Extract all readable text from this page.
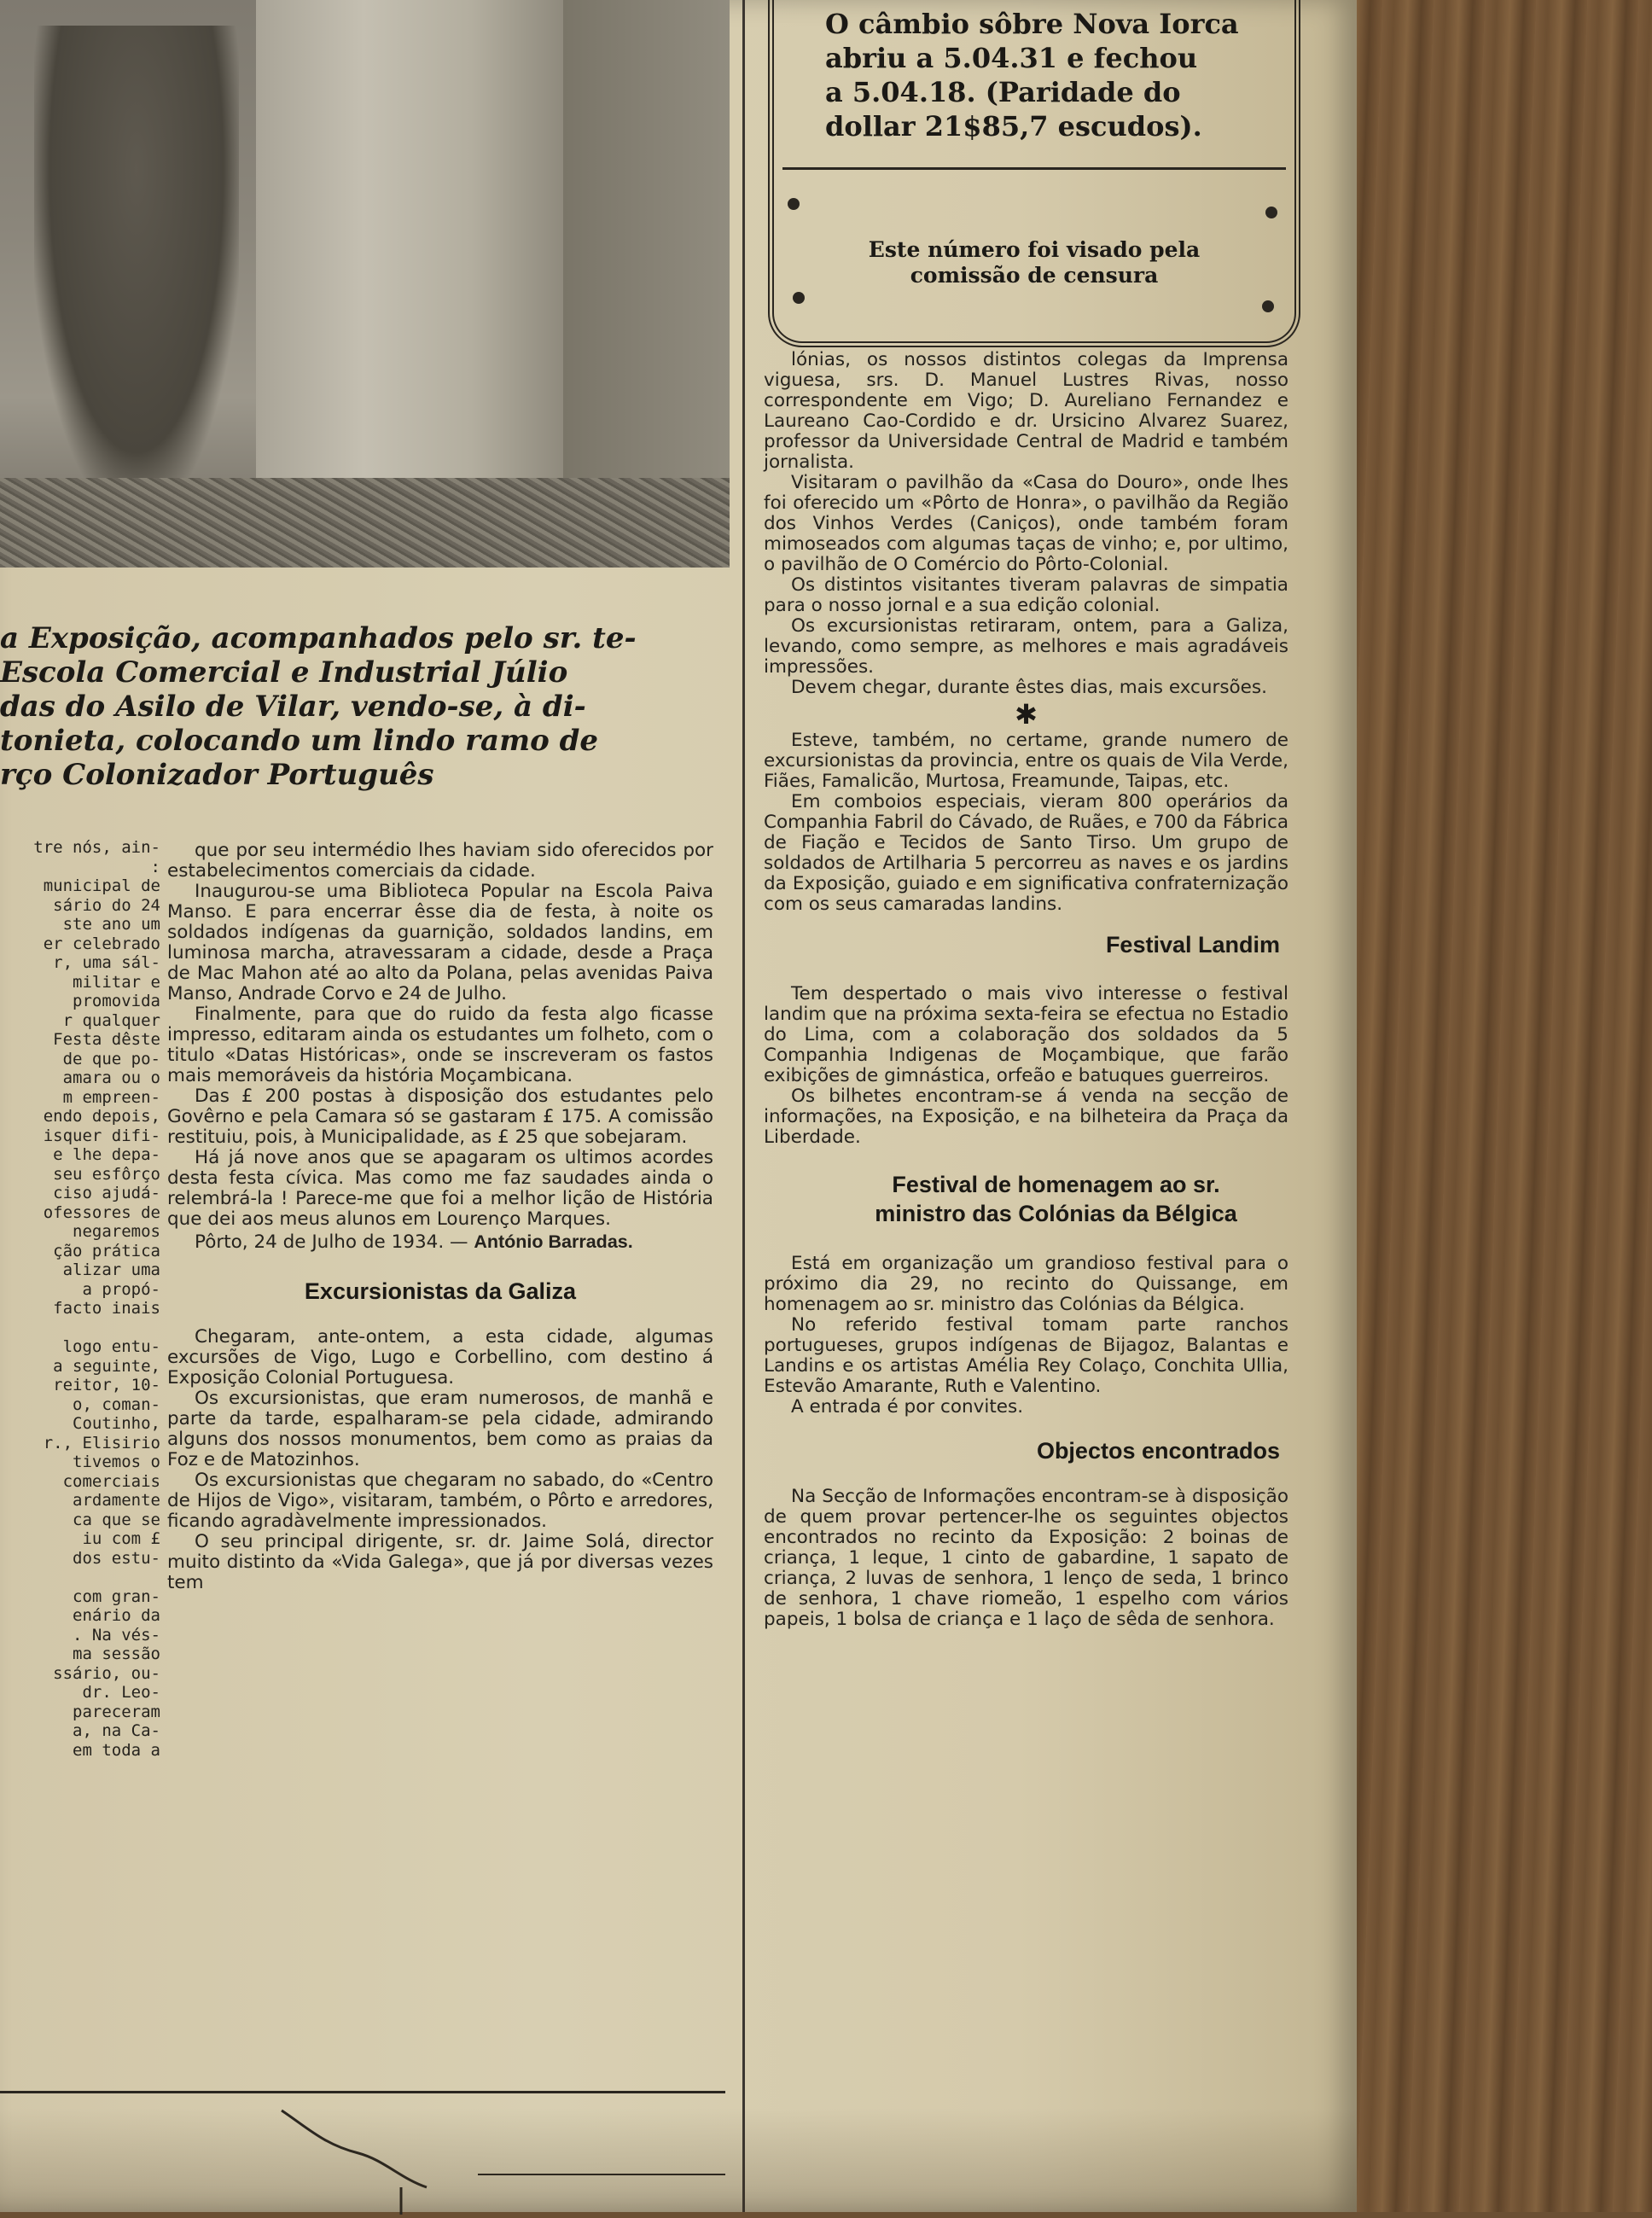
a Exposição, acompanhados pelo sr. te-
Escola Comercial e Industrial Júlio
das do Asilo de Vilar, vendo-se, à di-
tonieta, colocando um lindo ramo de
rço Colonizador Português
tre nós, ain-
:
municipal de
sário do 24
ste ano um
er celebrado
r, uma sál-
militar e
promovida
r qualquer
Festa dêste
de que po-
amara ou o
m empreen-
endo depois,
isquer difi-
e lhe depa-
seu esfôrço
ciso ajudá-
ofessores de
negaremos
ção prática
alizar uma
a propó-
facto inais

logo entu-
a seguinte,
reitor, 10-
o, coman-
Coutinho,
r., Elisirio
tivemos o
comerciais
ardamente
ca que se
iu com £
dos estu-

com gran-
enário da
. Na vés-
ma sessão
ssário, ou-
dr. Leo-
pareceram
a, na Ca-
em toda a

que por seu intermédio lhes haviam sido oferecidos por estabelecimentos comerciais da cidade.

Inaugurou-se uma Biblioteca Popular na Escola Paiva Manso. E para encerrar êsse dia de festa, à noite os soldados indígenas da guarnição, soldados landins, em luminosa marcha, atravessaram a cidade, desde a Praça de Mac Mahon até ao alto da Polana, pelas avenidas Paiva Manso, Andrade Corvo e 24 de Julho.

Finalmente, para que do ruido da festa algo ficasse impresso, editaram ainda os estudantes um folheto, com o titulo «Datas Históricas», onde se inscreveram os fastos mais memoráveis da história Moçambicana.

Das £ 200 postas à disposição dos estudantes pelo Govêrno e pela Camara só se gastaram £ 175. A comissão restituiu, pois, à Municipalidade, as £ 25 que sobejaram.

Há já nove anos que se apagaram os ultimos acordes desta festa cívica. Mas como me faz saudades ainda o relembrá-la ! Parece-me que foi a melhor lição de História que dei aos meus alunos em Lourenço Marques.

Pôrto, 24 de Julho de 1934. — António Barradas.

Excursionistas da Galiza

Chegaram, ante-ontem, a esta cidade, algumas excursões de Vigo, Lugo e Corbellino, com destino á Exposição Colonial Portuguesa.

Os excursionistas, que eram numerosos, de manhã e parte da tarde, espalharam-se pela cidade, admirando alguns dos nossos monumentos, bem como as praias da Foz e de Matozinhos.

Os excursionistas que chegaram no sabado, do «Centro de Hijos de Vigo», visitaram, também, o Pôrto e arredores, ficando agradàvelmente impressionados.

O seu principal dirigente, sr. dr. Jaime Solá, director muito distinto da «Vida Galega», que já por diversas vezes tem

O câmbio sôbre Nova Iorca
abriu a 5.04.31 e fechou
a 5.04.18. (Paridade do
dollar 21$85,7 escudos).
Este número foi visado pela
comissão de censura

lónias, os nossos distintos colegas da Imprensa viguesa, srs. D. Manuel Lustres Rivas, nosso correspondente em Vigo; D. Aureliano Fernandez e Laureano Cao-Cordido e dr. Ursicino Alvarez Suarez, professor da Universidade Central de Madrid e também jornalista.

Visitaram o pavilhão da «Casa do Douro», onde lhes foi oferecido um «Pôrto de Honra», o pavilhão da Região dos Vinhos Verdes (Caniços), onde também foram mimoseados com algumas taças de vinho; e, por ultimo, o pavilhão de O Comércio do Pôrto-Colonial.

Os distintos visitantes tiveram palavras de simpatia para o nosso jornal e a sua edição colonial.

Os excursionistas retiraram, ontem, para a Galiza, levando, como sempre, as melhores e mais agradáveis impressões.

Devem chegar, durante êstes dias, mais excursões.

✱

Esteve, também, no certame, grande numero de excursionistas da provincia, entre os quais de Vila Verde, Fiães, Famalicão, Murtosa, Freamunde, Taipas, etc.

Em comboios especiais, vieram 800 operários da Companhia Fabril do Cávado, de Ruães, e 700 da Fábrica de Fiação e Tecidos de Santo Tirso. Um grupo de soldados de Artilharia 5 percorreu as naves e os jardins da Exposição, guiado e em significativa confraternização com os seus camaradas landins.

Festival Landim

Tem despertado o mais vivo interesse o festival landim que na próxima sexta-feira se efectua no Estadio do Lima, com a colaboração dos soldados da 5 Companhia Indigenas de Moçambique, que farão exibições de gimnástica, orfeão e batuques guerreiros.

Os bilhetes encontram-se á venda na secção de informações, na Exposição, e na bilheteira da Praça da Liberdade.

Festival de homenagem ao sr. ministro das Colónias da Bélgica

Está em organização um grandioso festival para o próximo dia 29, no recinto do Quissange, em homenagem ao sr. ministro das Colónias da Bélgica.

No referido festival tomam parte ranchos portugueses, grupos indígenas de Bijagoz, Balantas e Landins e os artistas Amélia Rey Colaço, Conchita Ullia, Estevão Amarante, Ruth e Valentino.

A entrada é por convites.

Objectos encontrados

Na Secção de Informações encontram-se à disposição de quem provar pertencer-lhe os seguintes objectos encontrados no recinto da Exposição: 2 boinas de criança, 1 leque, 1 cinto de gabardine, 1 sapato de criança, 2 luvas de senhora, 1 lenço de seda, 1 brinco de senhora, 1 chave riomeão, 1 espelho com vários papeis, 1 bolsa de criança e 1 laço de sêda de senhora.
